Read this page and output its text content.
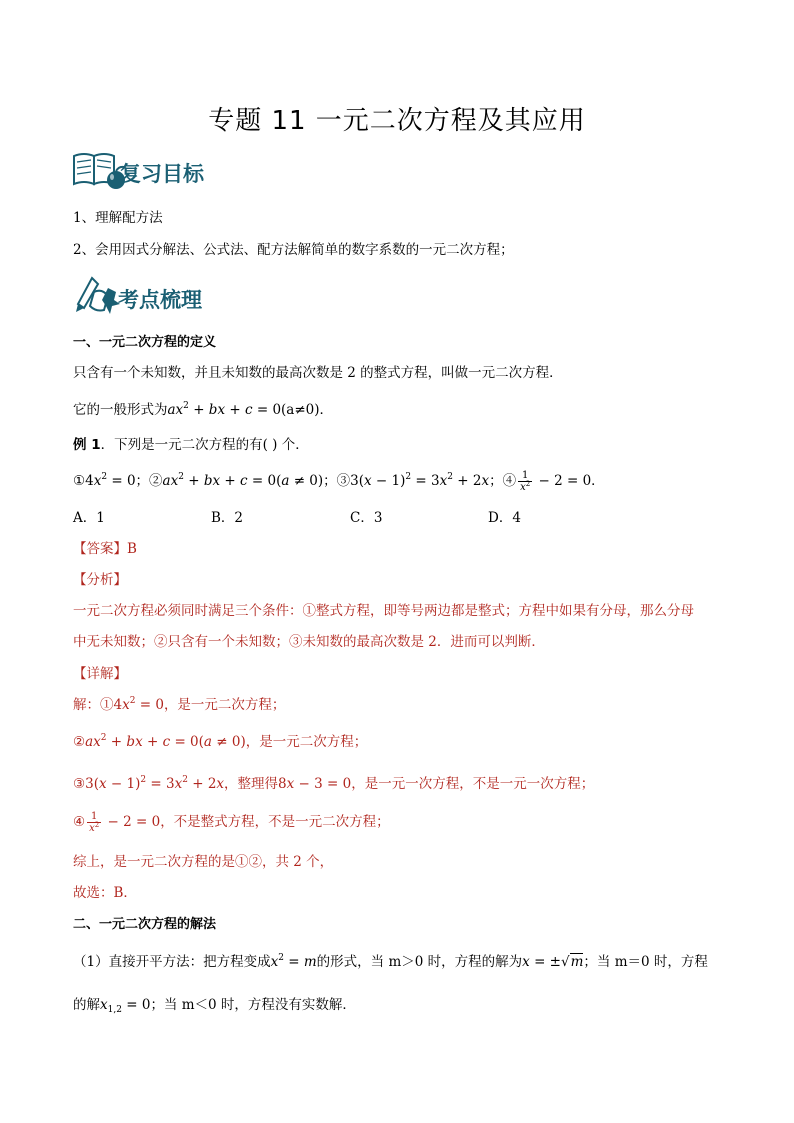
专题 11 一元二次方程及其应用
复习目标
1、理解配方法
2、会用因式分解法、公式法、配方法解简单的数字系数的一元二次方程；
考点梳理
一、一元二次方程的定义
只含有一个未知数，并且未知数的最高次数是 2 的整式方程，叫做一元二次方程．
它的一般形式为$ax^2$ + bx + c = 0(a≠0)．
例 1．下列是一元二次方程的有( ) 个．
$①4x^2 = 0$；$②ax^2$ + bx + c = 0(a ≠ 0)；③3(x − $1)^2 = 3x^2 + 2x$；④ $\frac{1}{x^2} - 2 = 0$．
A．1	B．2	C．3	D．4
【答案】B
【分析】
一元二次方程必须同时满足三个条件：①整式方程，即等号两边都是整式；方程中如果有分母，那么分母
中无未知数；②只含有一个未知数；③未知数的最高次数是 2．进而可以判断．
【详解】
解：$①4x^2 = 0$，是一元二次方程；
$②ax^2$ + bx + c = 0(a ≠ 0)，是一元二次方程；
③3(x − $1)^2 = 3x^2 + 2x$，整理得8x − 3 = 0，是一元一次方程，不是一元一次方程；
④ $\frac{1}{x^2} - 2 = 0$，不是整式方程，不是一元二次方程；
综上，是一元二次方程的是①②，共 2 个，
故选：B．
二、一元二次方程的解法
（1）直接开平方法：把方程变成$x^2 = m$的形式，当 m＞0 时，方程的解为x = ±√m；当 m＝0 时，方程
的解$x_{1,2} = 0$；当 m＜0 时，方程没有实数解．
